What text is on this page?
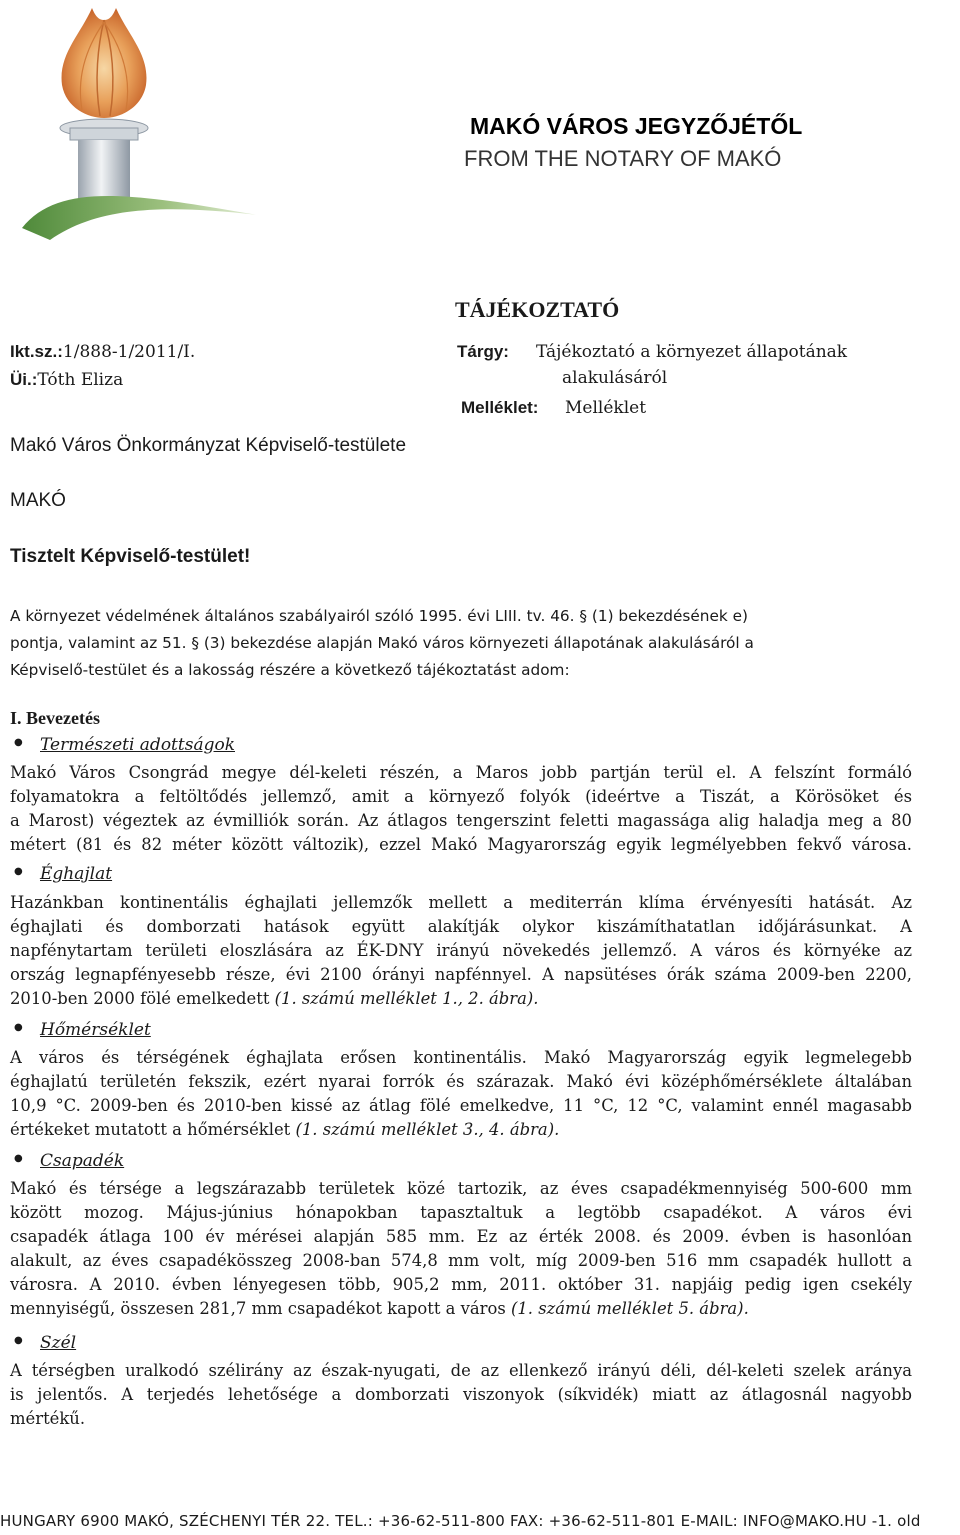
MAKÓ VÁROS JEGYZŐJÉTŐL
FROM THE NOTARY OF MAKÓ
TÁJÉKOZTATÓ
Ikt.sz.:1/888-1/2011/I.
Üi.:Tóth Eliza
Tárgy: Tájékoztató a környezet állapotának
alakulásáról
Melléklet: Melléklet
Makó Város Önkormányzat Képviselő-testülete
MAKÓ
Tisztelt Képviselő-testület!
A környezet védelmének általános szabályairól szóló 1995. évi LIII. tv. 46. § (1) bekezdésének e)
pontja, valamint az 51. § (3) bekezdése alapján Makó város környezeti állapotának alakulásáról a
Képviselő-testület és a lakosság részére a következő tájékoztatást adom:
I. Bevezetés
● Természeti adottságok
Makó Város Csongrád megye dél-keleti részén, a Maros jobb partján terül el. A felszínt formáló
folyamatokra a feltöltődés jellemző, amit a környező folyók (ideértve a Tiszát, a Körösöket és
a Marost) végeztek az évmilliók során. Az átlagos tengerszint feletti magassága alig haladja meg a 80
métert (81 és 82 méter között változik), ezzel Makó Magyarország egyik legmélyebben fekvő városa.
● Éghajlat
Hazánkban kontinentális éghajlati jellemzők mellett a mediterrán klíma érvényesíti hatását. Az
éghajlati és domborzati hatások együtt alakítják olykor kiszámíthatatlan időjárásunkat. A
napfénytartam területi eloszlására az ÉK-DNY irányú növekedés jellemző. A város és környéke az
ország legnapfényesebb része, évi 2100 órányi napfénnyel. A napsütéses órák száma 2009-ben 2200,
2010-ben 2000 fölé emelkedett (1. számú melléklet 1., 2. ábra).
● Hőmérséklet
A város és térségének éghajlata erősen kontinentális. Makó Magyarország egyik legmelegebb
éghajlatú területén fekszik, ezért nyarai forrók és szárazak. Makó évi középhőmérséklete általában
10,9 °C. 2009-ben és 2010-ben kissé az átlag fölé emelkedve, 11 °C, 12 °C, valamint ennél magasabb
értékeket mutatott a hőmérséklet (1. számú melléklet 3., 4. ábra).
● Csapadék
Makó és térsége a legszárazabb területek közé tartozik, az éves csapadékmennyiség 500-600 mm
között mozog. Május-június hónapokban tapasztaltuk a legtöbb csapadékot. A város évi
csapadék átlaga 100 év mérései alapján 585 mm. Ez az érték 2008. és 2009. évben is hasonlóan
alakult, az éves csapadékösszeg 2008-ban 574,8 mm volt, míg 2009-ben 516 mm csapadék hullott a
városra. A 2010. évben lényegesen több, 905,2 mm, 2011. október 31. napjáig pedig igen csekély
mennyiségű, összesen 281,7 mm csapadékot kapott a város (1. számú melléklet 5. ábra).
● Szél
A térségben uralkodó szélirány az észak-nyugati, de az ellenkező irányú déli, dél-keleti szelek aránya
is jelentős. A terjedés lehetősége a domborzati viszonyok (síkvidék) miatt az átlagosnál nagyobb
mértékű.
HUNGARY 6900 MAKÓ, SZÉCHENYI TÉR 22. TEL.: +36-62-511-800 FAX: +36-62-511-801 E-MAIL: INFO@MAKO.HU -1. old
